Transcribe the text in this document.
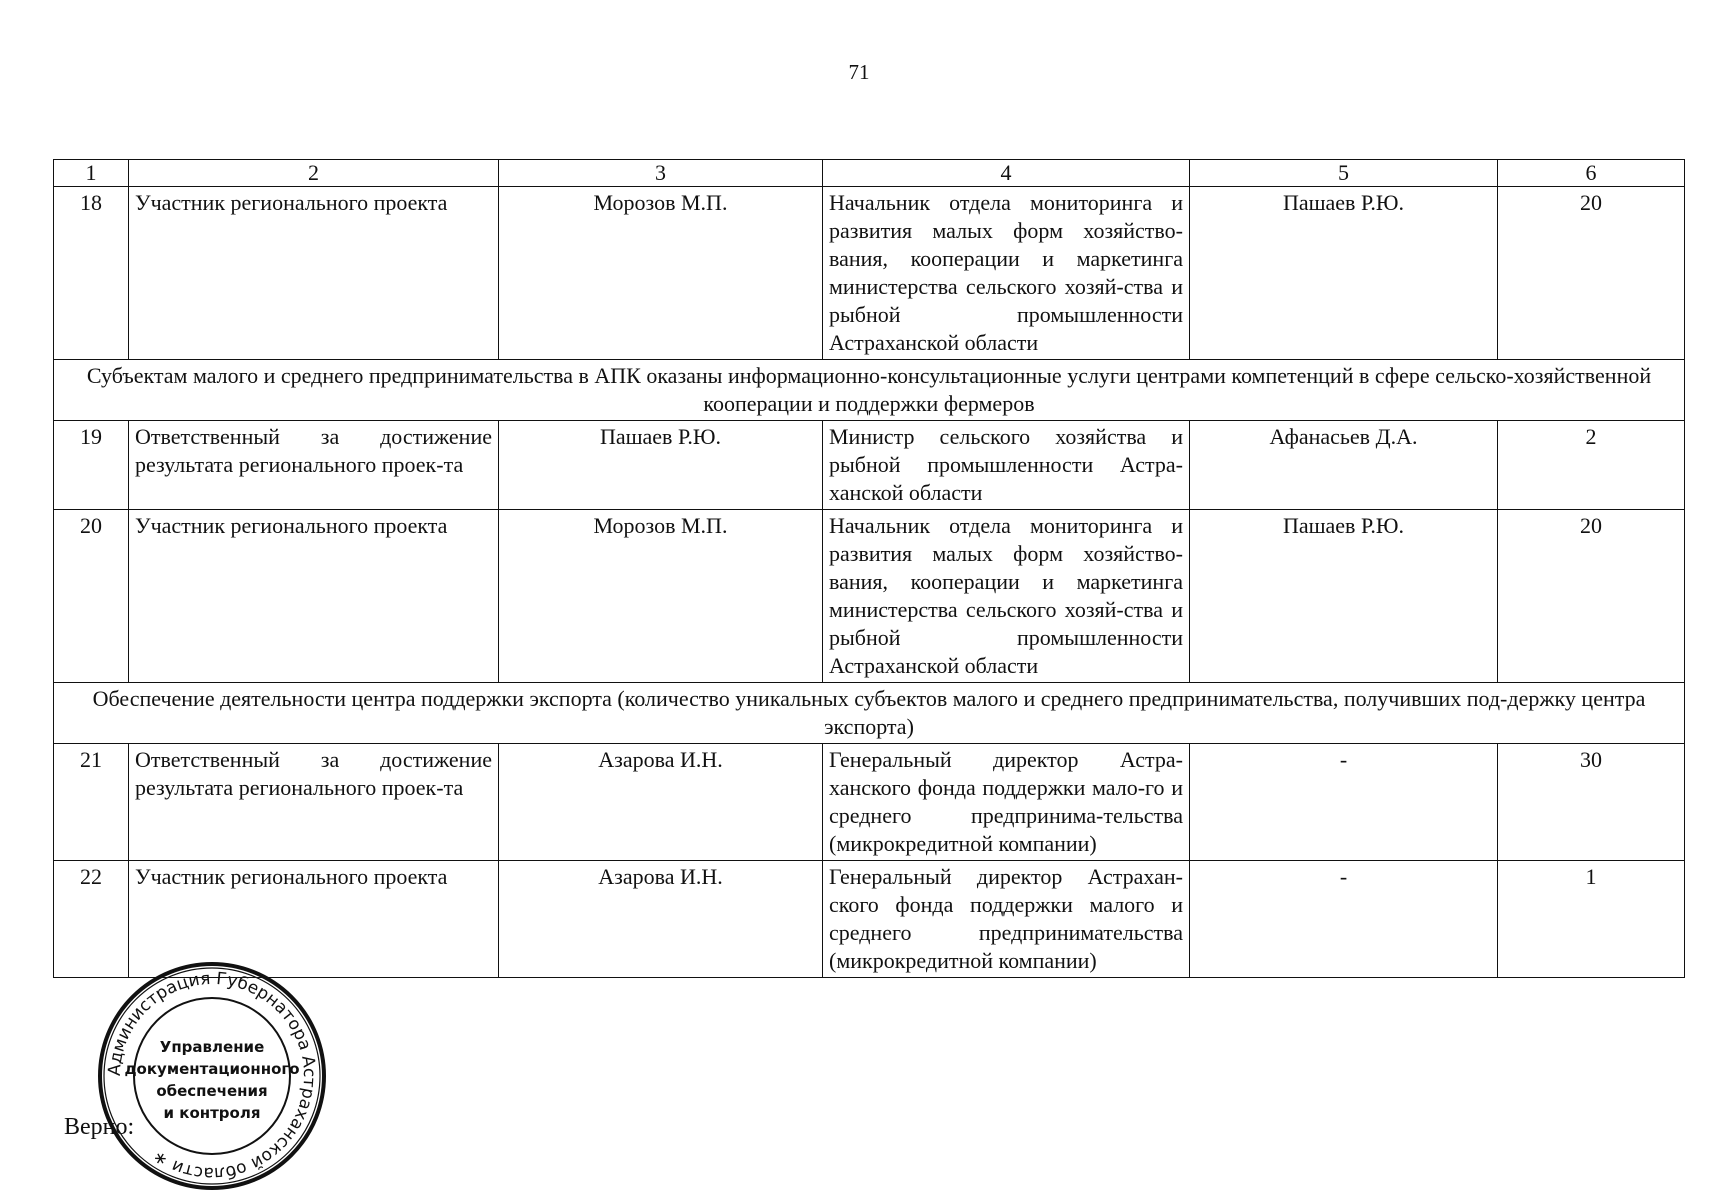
71
1	2	3	4	5	6
18	Участник регионального проекта	Морозов М.П.	Начальник отдела мониторинга и развития малых форм хозяйство-вания, кооперации и маркетинга министерства сельского хозяй-ства и рыбной промышленности Астраханской области	Пашаев Р.Ю.	20
Субъектам малого и среднего предпринимательства в АПК оказаны информационно-консультационные услуги центрами компетенций в сфере сельско-хозяйственной кооперации и поддержки фермеров					
19	Ответственный за достижение результата регионального проек-та	Пашаев Р.Ю.	Министр сельского хозяйства и рыбной промышленности Астра-ханской области	Афанасьев Д.А.	2
20	Участник регионального проекта	Морозов М.П.	Начальник отдела мониторинга и развития малых форм хозяйство-вания, кооперации и маркетинга министерства сельского хозяй-ства и рыбной промышленности Астраханской области	Пашаев Р.Ю.	20
Обеспечение деятельности центра поддержки экспорта (количество уникальных субъектов малого и среднего предпринимательства, получивших под-держку центра экспорта)					
21	Ответственный за достижение результата регионального проек-та	Азарова И.Н.	Генеральный директор Астра-ханского фонда поддержки мало-го и среднего предпринима-тельства (микрокредитной компании)	-	30
22	Участник регионального проекта	Азарова И.Н.	Генеральный директор Астрахан-ского фонда поддержки малого и среднего предпринимательства (микрокредитной компании)	-	1
Верно:
Администрация Губернатора Астраханской области ∗
Управление
документационного
обеспечения
и контроля
